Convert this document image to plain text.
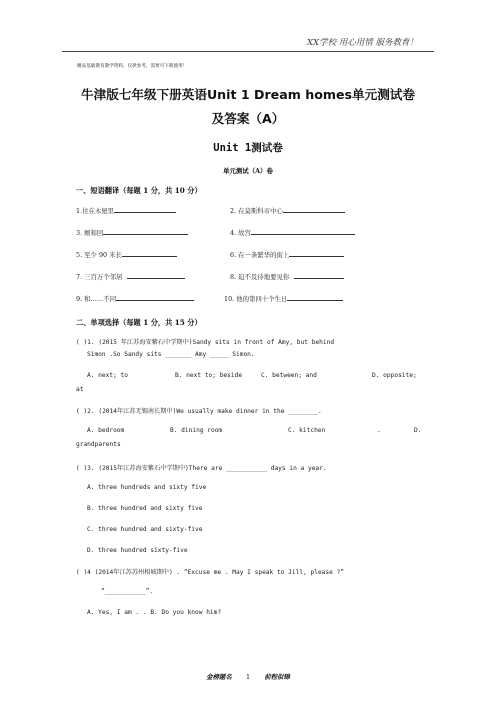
XX学校 用心用情 服务教育！
精品基础教育教学资料，仅供参考，需要可下载使用！
牛津版七年级下册英语Unit 1 Dream homes单元测试卷
及答案（A）
Unit 1测试卷
单元测试（A）卷
一、短语翻译（每题 1 分，共 10 分）
1.住在木屋里	2. 在莫斯科市中心
3. 厕和回	4. 故宫
5. 至少 90 米长	6. 在一条繁华的街上
7. 三百万个邻居	8. 迫不及待地要见你
9. 和……不同	10. 他的第四十个生日
二、单项选择（每题 1 分，共 15 分）
( )1. (2015 年江苏海安紫石中学期中)Sandy sits in front of Amy, but behind
Simon .So Sandy sits _______ Amy _____ Simon.
A. next; to	B. next to; beside	C. between; and	D. opposite;
at
( )2. (2014年江苏无锡南长期中)We usually make dinner in the ________.
A. bedroom	B. dining room	C. kitchen	.	D.
grandparents
( )3. (2015年江苏海安紫石中学期中)There are ___________ days in a year.
A. three hundreds and sixty five
B. three hundred and sixty five
C. three hundred and sixty-five
D. three hundred sixty-five
( )4 (2014年江苏苏州相城期中) . “Excuse me . May I speak to Jill, please ?”
“___________”.
A. Yes, I am . . B. Do you know him?
金榜题名 1 前程似锦
